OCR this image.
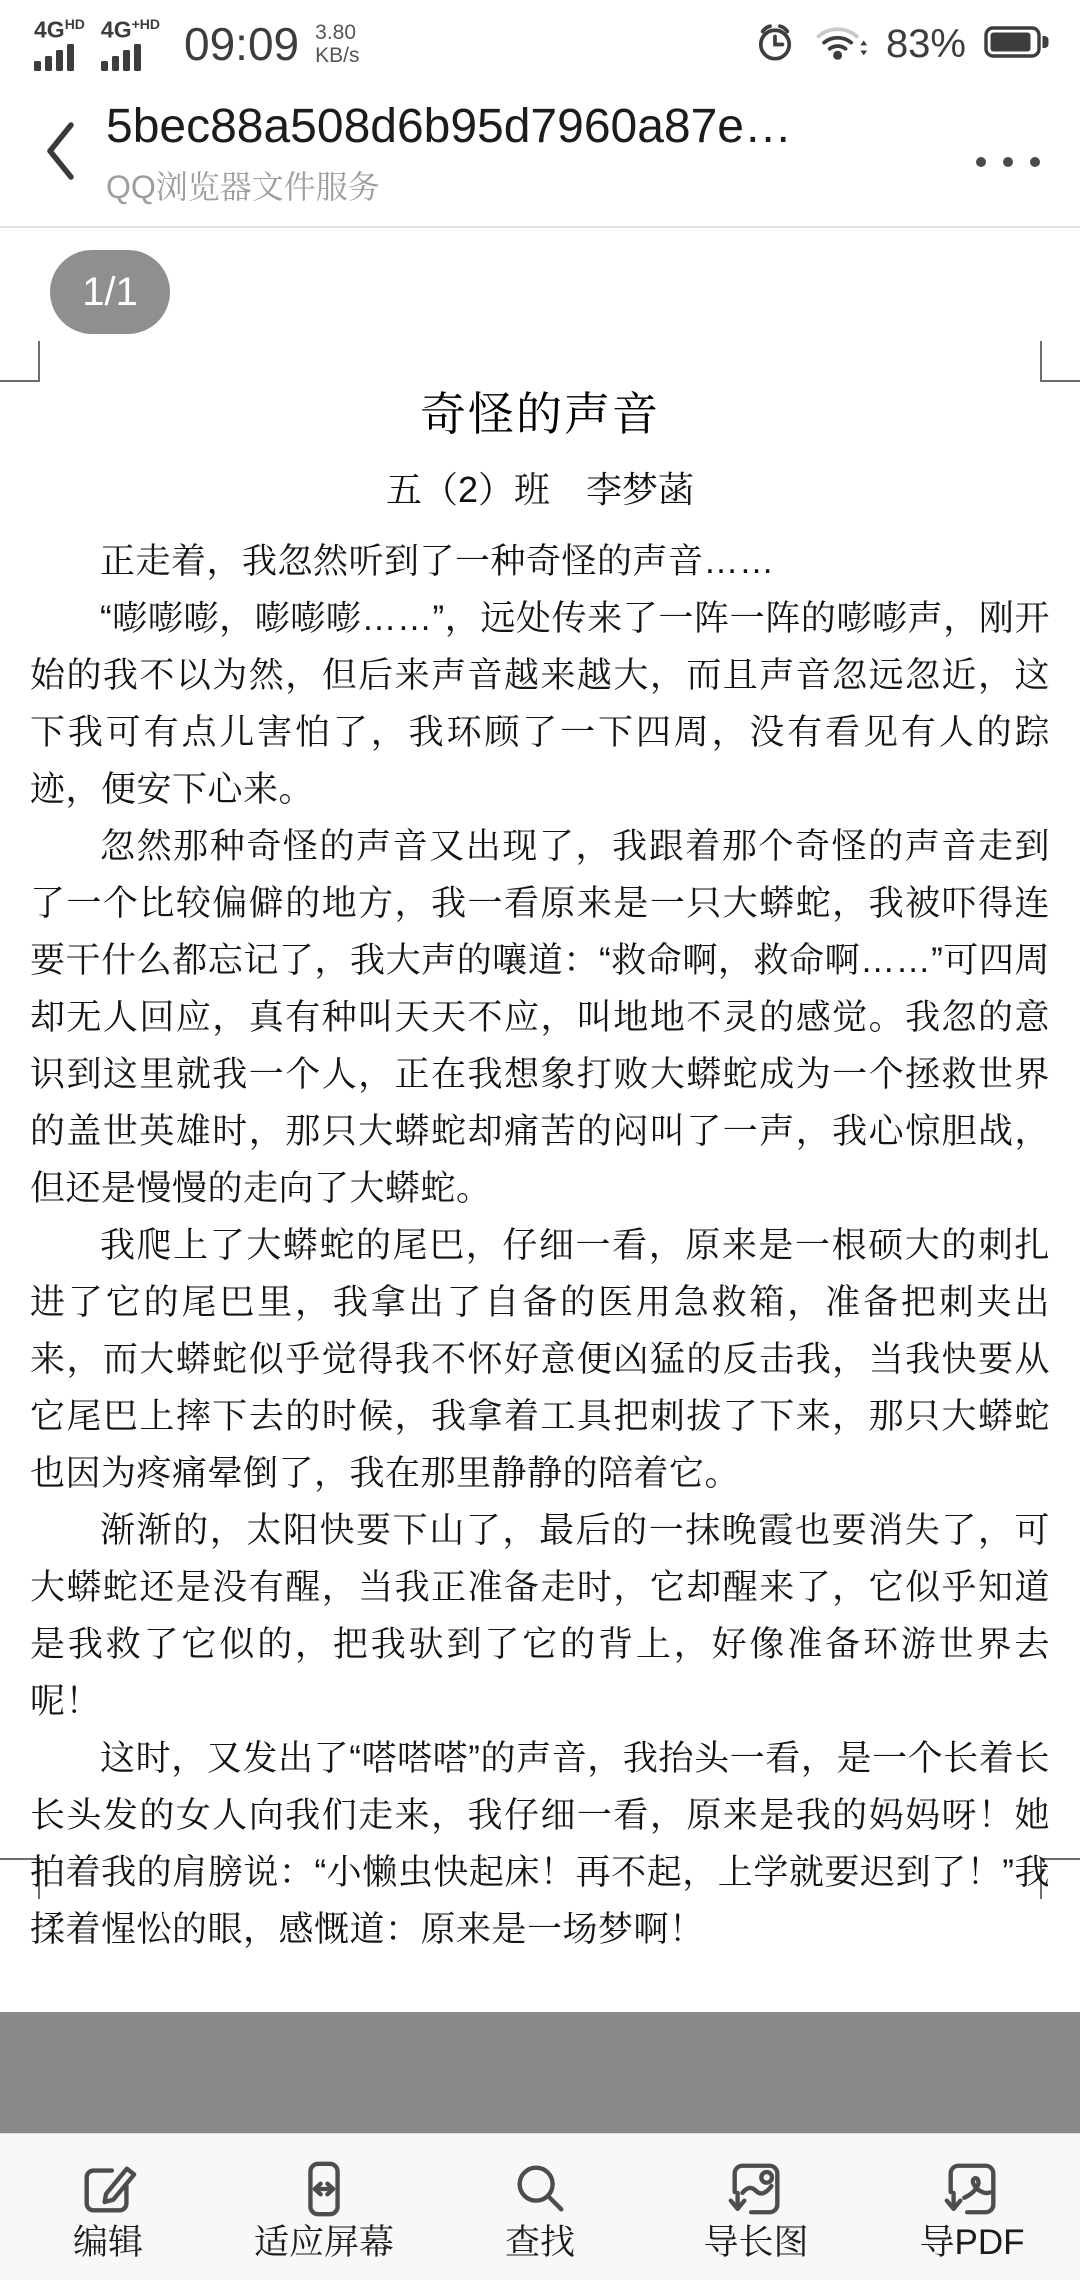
$4G^{HD}$ $4G^{+HD}$ 09:09 3.80
KB/s	83%
5bec88a508d6b95d7960a87e…
QQ浏览器文件服务
1/1
奇怪的声音
五（2）班　李梦菡

正走着，我忽然听到了一种奇怪的声音……

“嘭嘭嘭，嘭嘭嘭……”，远处传来了一阵一阵的嘭嘭声，刚开始的我不以为然，但后来声音越来越大，而且声音忽远忽近，这下我可有点儿害怕了，我环顾了一下四周，没有看见有人的踪迹，便安下心来。

忽然那种奇怪的声音又出现了，我跟着那个奇怪的声音走到了一个比较偏僻的地方，我一看原来是一只大蟒蛇，我被吓得连要干什么都忘记了，我大声的嚷道：“救命啊，救命啊……”可四周却无人回应，真有种叫天天不应，叫地地不灵的感觉。我忽的意识到这里就我一个人，正在我想象打败大蟒蛇成为一个拯救世界的盖世英雄时，那只大蟒蛇却痛苦的闷叫了一声，我心惊胆战，但还是慢慢的走向了大蟒蛇。

我爬上了大蟒蛇的尾巴，仔细一看，原来是一根硕大的刺扎进了它的尾巴里，我拿出了自备的医用急救箱，准备把刺夹出来，而大蟒蛇似乎觉得我不怀好意便凶猛的反击我，当我快要从它尾巴上摔下去的时候，我拿着工具把刺拔了下来，那只大蟒蛇也因为疼痛晕倒了，我在那里静静的陪着它。

渐渐的，太阳快要下山了，最后的一抹晚霞也要消失了，可大蟒蛇还是没有醒，当我正准备走时，它却醒来了，它似乎知道是我救了它似的，把我驮到了它的背上，好像准备环游世界去呢！

这时，又发出了“嗒嗒嗒”的声音，我抬头一看，是一个长着长长头发的女人向我们走来，我仔细一看，原来是我的妈妈呀！她拍着我的肩膀说：“小懒虫快起床！再不起，上学就要迟到了！”我揉着惺忪的眼，感慨道：原来是一场梦啊！

编辑	适应屏幕	查找	导长图	导PDF
